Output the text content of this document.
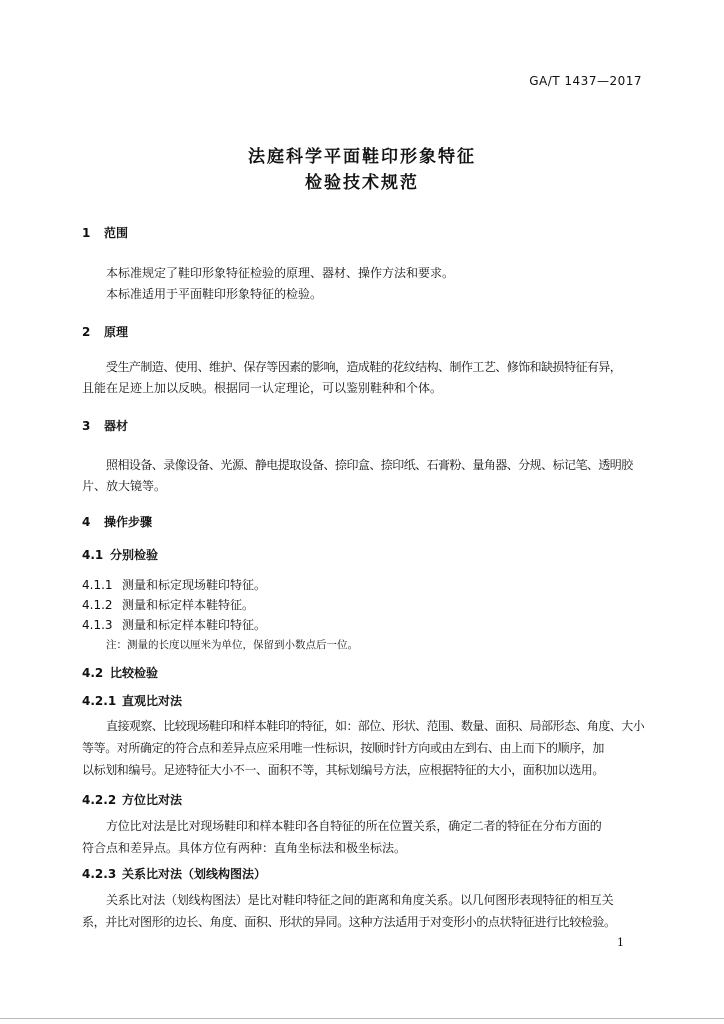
GA/T 1437—2017
法庭科学平面鞋印形象特征
检验技术规范
1 范围
本标准规定了鞋印形象特征检验的原理、器材、操作方法和要求。
本标准适用于平面鞋印形象特征的检验。
2 原理
受生产制造、使用、维护、保存等因素的影响，造成鞋的花纹结构、制作工艺、修饰和缺损特征有异，
且能在足迹上加以反映。根据同一认定理论，可以鉴别鞋种和个体。
3 器材
照相设备、录像设备、光源、静电提取设备、捺印盒、捺印纸、石膏粉、量角器、分规、标记笔、透明胶
片、放大镜等。
4 操作步骤
4.1 分别检验
4.1.1 测量和标定现场鞋印特征。
4.1.2 测量和标定样本鞋特征。
4.1.3 测量和标定样本鞋印特征。
注：测量的长度以厘米为单位，保留到小数点后一位。
4.2 比较检验
4.2.1 直观比对法
直接观察、比较现场鞋印和样本鞋印的特征，如：部位、形状、范围、数量、面积、局部形态、角度、大小
等等。对所确定的符合点和差异点应采用唯一性标识，按顺时针方向或由左到右、由上而下的顺序，加
以标划和编号。足迹特征大小不一、面积不等，其标划编号方法，应根据特征的大小，面积加以选用。
4.2.2 方位比对法
方位比对法是比对现场鞋印和样本鞋印各自特征的所在位置关系，确定二者的特征在分布方面的
符合点和差异点。具体方位有两种：直角坐标法和极坐标法。
4.2.3 关系比对法（划线构图法）
关系比对法（划线构图法）是比对鞋印特征之间的距离和角度关系。以几何图形表现特征的相互关
系，并比对图形的边长、角度、面积、形状的异同。这种方法适用于对变形小的点状特征进行比较检验。
1
